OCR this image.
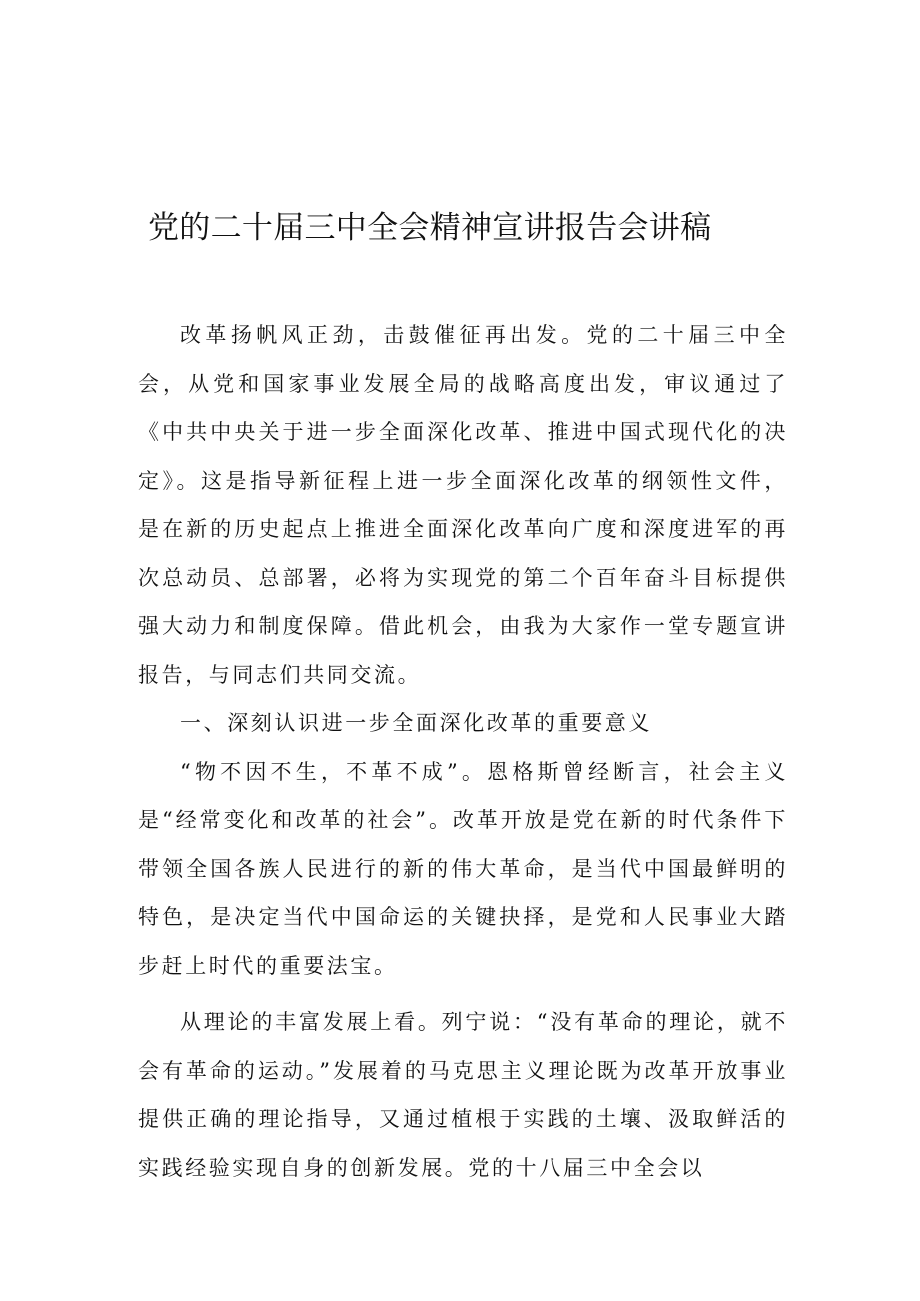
党的二十届三中全会精神宣讲报告会讲稿

改革扬帆风正劲，击鼓催征再出发。党的二十届三中全会，从党和国家事业发展全局的战略高度出发，审议通过了《中共中央关于进一步全面深化改革、推进中国式现代化的决定》。这是指导新征程上进一步全面深化改革的纲领性文件，是在新的历史起点上推进全面深化改革向广度和深度进军的再次总动员、总部署，必将为实现党的第二个百年奋斗目标提供强大动力和制度保障。借此机会，由我为大家作一堂专题宣讲报告，与同志们共同交流。

一、深刻认识进一步全面深化改革的重要意义

“物不因不生，不革不成”。恩格斯曾经断言，社会主义是“经常变化和改革的社会”。改革开放是党在新的时代条件下带领全国各族人民进行的新的伟大革命，是当代中国最鲜明的特色，是决定当代中国命运的关键抉择，是党和人民事业大踏步赶上时代的重要法宝。

从理论的丰富发展上看。列宁说：“没有革命的理论，就不会有革命的运动。”发展着的马克思主义理论既为改革开放事业提供正确的理论指导，又通过植根于实践的土壤、汲取鲜活的实践经验实现自身的创新发展。党的十八届三中全会以
